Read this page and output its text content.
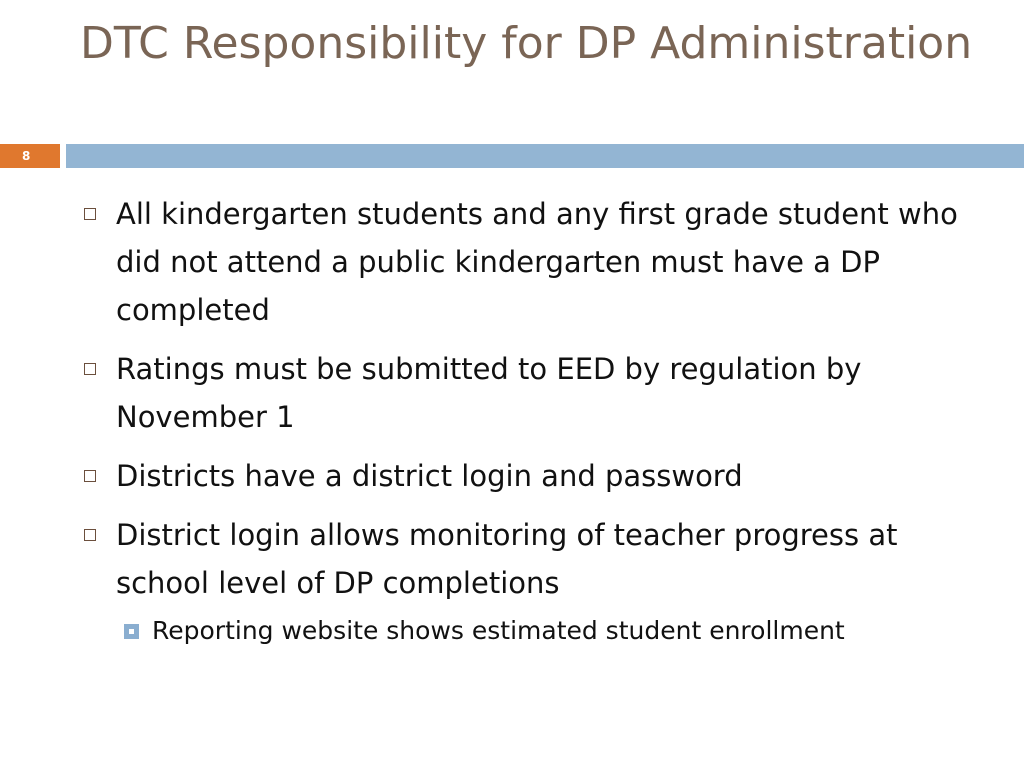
DTC Responsibility for DP Administration
8
All kindergarten students and any first grade student who did not attend a public kindergarten must have a DP completed
Ratings must be submitted to EED by regulation by November 1
Districts have a district login and password
District login allows monitoring of teacher progress at school level of DP completions
Reporting website shows estimated student enrollment
